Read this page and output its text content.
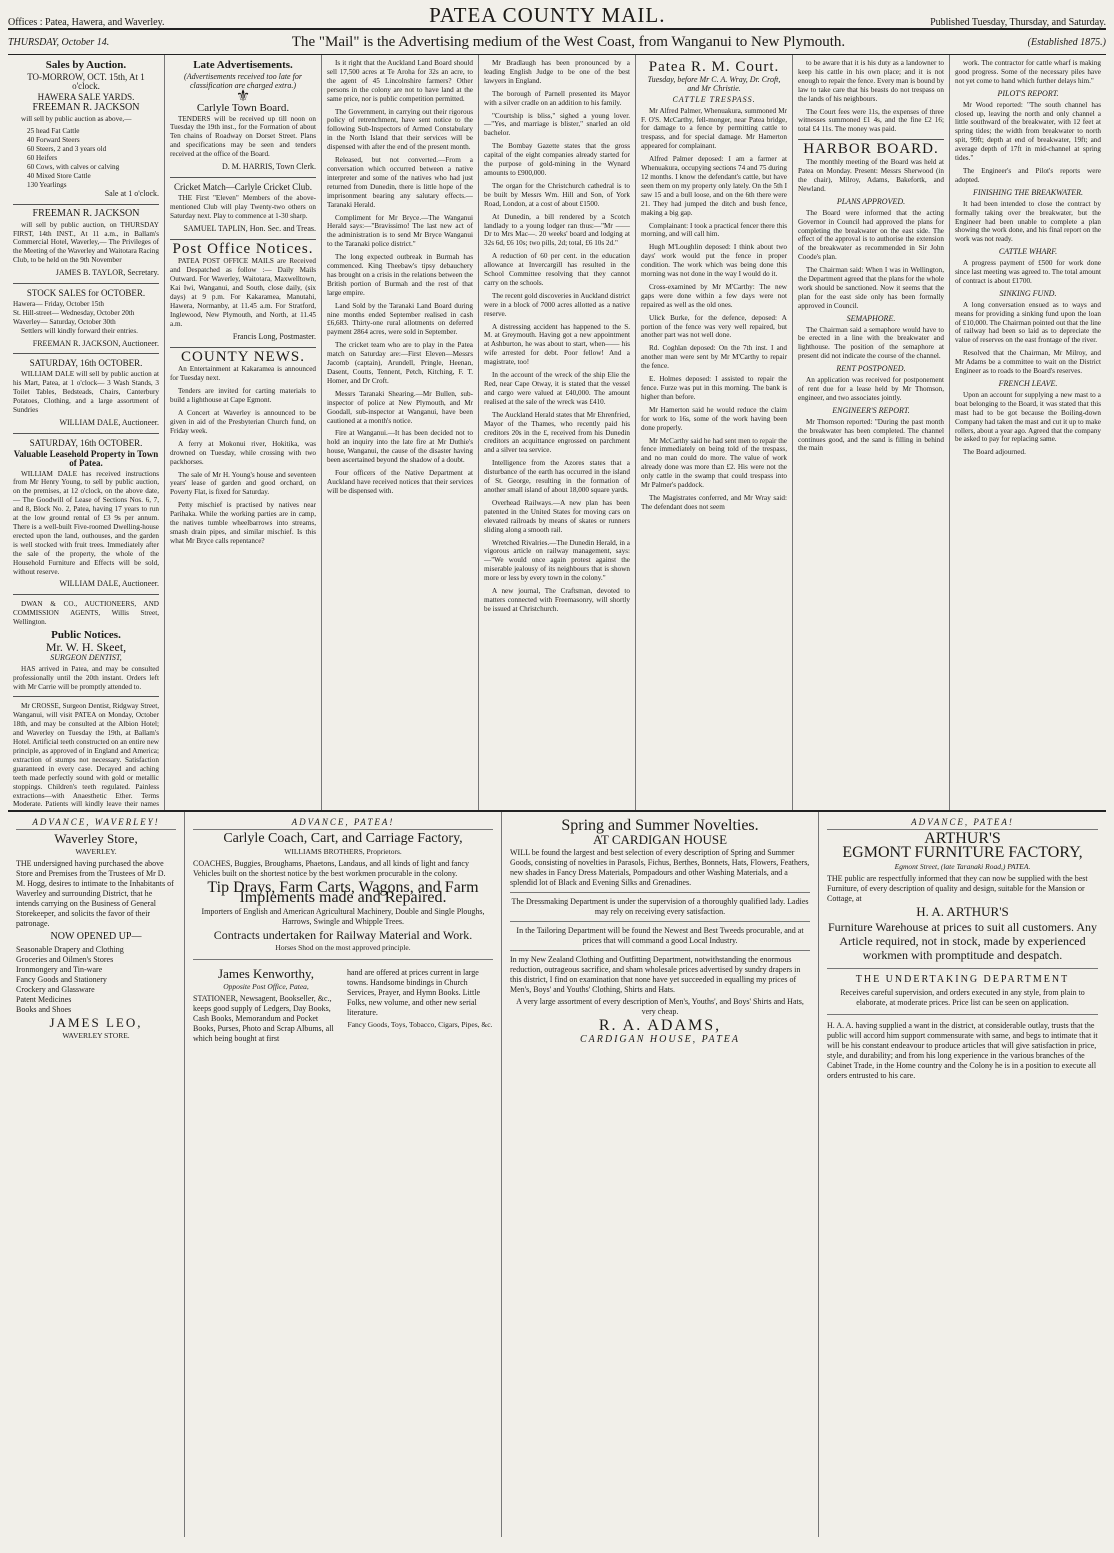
Offices : Patea, Hawera, and Waverley.	PATEA COUNTY MAIL.	Published Tuesday, Thursday, and Saturday.
THURSDAY, October 14.	The "Mail" is the Advertising medium of the West Coast, from Wanganui to New Plymouth.	(Established 1875.)
Sales by Auction.
TO-MORROW, OCT. 15th, At 1 o'clock.
HAWERA SALE YARDS.
FREEMAN R. JACKSON

will sell by public auction as above,—

25 head Fat Cattle
40 Forward Steers
60 Steers, 2 and 3 years old
60 Heifers
60 Cows, with calves or calving
40 Mixed Store Cattle
130 Yearlings
Sale at 1 o'clock.
FREEMAN R. JACKSON

will sell by public auction, on THURSDAY FIRST, 14th INST., At 11 a.m., in Ballam's Commercial Hotel, Waverley,— The Privileges of the Meeting of the Waverley and Waitotara Racing Club, to be held on the 9th November

JAMES B. TAYLOR, Secretary.
STOCK SALES for OCTOBER.
Hawera— Friday, October 15th
St. Hill-street— Wednesday, October 20th
Waverley— Saturday, October 30th

Settlers will kindly forward their entries.

FREEMAN R. JACKSON, Auctioneer.
SATURDAY, 16th OCTOBER.

WILLIAM DALE will sell by public auction at his Mart, Patea, at 1 o'clock— 3 Wash Stands, 3 Toilet Tables, Bedsteads, Chairs, Canterbury Potatoes, Clothing, and a large assortment of Sundries

WILLIAM DALE, Auctioneer.
SATURDAY, 16th OCTOBER.
Valuable Leasehold Property in Town of Patea.

WILLIAM DALE has received instructions from Mr Henry Young, to sell by public auction, on the premises, at 12 o'clock, on the above date,— The Goodwill of Lease of Sections Nos. 6, 7, and 8, Block No. 2, Patea, having 17 years to run at the low ground rental of £3 9s per annum. There is a well-built Five-roomed Dwelling-house erected upon the land, outhouses, and the garden is well stocked with fruit trees. Immediately after the sale of the property, the whole of the Household Furniture and Effects will be sold, without reserve.

WILLIAM DALE, Auctioneer.

DWAN & CO., AUCTIONEERS, AND COMMISSION AGENTS, Willis Street, Wellington.

Public Notices.
Mr. W. H. Skeet,
SURGEON DENTIST,

HAS arrived in Patea, and may be consulted professionally until the 20th instant. Orders left with Mr Carrie will be promptly attended to.

Mr CROSSE, Surgeon Dentist, Ridgway Street, Wanganui, will visit PATEA on Monday, October 18th, and may be consulted at the Albion Hotel; and Waverley on Tuesday the 19th, at Ballam's Hotel. Artificial teeth constructed on an entire new principle, as approved of in England and America; extraction of stumps not necessary. Satisfaction guaranteed in every case. Decayed and aching teeth made perfectly sound with gold or metallic stoppings. Children's teeth regulated. Painless extractions—with Anaesthetic Ether. Terms Moderate. Patients will kindly leave their names

Late Advertisements.
(Advertisements received too late for classification are charged extra.)
⚜
Carlyle Town Board.

TENDERS will be received up till noon on Tuesday the 19th inst., for the Formation of about Ten chains of Roadway on Dorset Street. Plans and specifications may be seen and tenders received at the office of the Board.

D. M. HARRIS, Town Clerk.
Cricket Match—Carlyle Cricket Club.

THE First "Eleven" Members of the above-mentioned Club will play Twenty-two others on Saturday next. Play to commence at 1-30 sharp.

SAMUEL TAPLIN, Hon. Sec. and Treas.
Post Office Notices.

PATEA POST OFFICE MAILS are Received and Despatched as follow :— Daily Mails Outward. For Waverley, Waitotara, Maxwelltown, Kai Iwi, Wanganui, and South, close daily, (six days) at 9 p.m. For Kakaramea, Manutahi, Hawera, Normanby, at 11.45 a.m. For Stratford, Inglewood, New Plymouth, and North, at 11.45 a.m.

Francis Long, Postmaster.
COUNTY NEWS.

An Entertainment at Kakaramea is announced for Tuesday next.

Tenders are invited for carting materials to build a lighthouse at Cape Egmont.

A Concert at Waverley is announced to be given in aid of the Presbyterian Church fund, on Friday week.

A ferry at Mokonui river, Hokitika, was drowned on Tuesday, while crossing with two packhorses.

The sale of Mr H. Young's house and seventeen years' lease of garden and good orchard, on Poverty Flat, is fixed for Saturday.

Petty mischief is practised by natives near Parihaka. While the working parties are in camp, the natives tumble wheelbarrows into streams, smash drain pipes, and similar mischief. Is this what Mr Bryce calls repentance?

Is it right that the Auckland Land Board should sell 17,500 acres at Te Aroha for 32s an acre, to the agent of 45 Lincolnshire farmers? Other persons in the colony are not to have land at the same price, nor is public competition permitted.

The Government, in carrying out their rigorous policy of retrenchment, have sent notice to the following Sub-Inspectors of Armed Constabulary in the North Island that their services will be dispensed with after the end of the present month.

Released, but not converted.—From a conversation which occurred between a native interpreter and some of the natives who had just returned from Dunedin, there is little hope of the imprisonment bearing any salutary effects.—Taranaki Herald.

Compliment for Mr Bryce.—The Wanganui Herald says:—"Bravissimo! The last new act of the administration is to send Mr Bryce Wanganui to the Taranaki police district."

The long expected outbreak in Burmah has commenced. King Theebaw's tipsy debauchery has brought on a crisis in the relations between the British portion of Burmah and the rest of that large empire.

Land Sold by the Taranaki Land Board during nine months ended September realised in cash £6,683. Thirty-one rural allotments on deferred payment 2864 acres, were sold in September.

The cricket team who are to play in the Patea match on Saturday are:—First Eleven—Messrs Jacomb (captain), Arundell, Pringle, Heenan, Dasent, Coutts, Tennent, Petch, Kitching, F. T. Homer, and Dr Croft.

Messrs Taranaki Shearing.—Mr Bullen, sub-inspector of police at New Plymouth, and Mr Goodall, sub-inspector at Wanganui, have been cautioned at a month's notice.

Fire at Wanganui.—It has been decided not to hold an inquiry into the late fire at Mr Duthie's house, Wanganui, the cause of the disaster having been ascertained beyond the shadow of a doubt.

Four officers of the Native Department at Auckland have received notices that their services will be dispensed with.

Mr Bradlaugh has been pronounced by a leading English Judge to be one of the best lawyers in England.

The borough of Parnell presented its Mayor with a silver cradle on an addition to his family.

"Courtship is bliss," sighed a young lover.—"Yes, and marriage is blister," snarled an old bachelor.

The Bombay Gazette states that the gross capital of the eight companies already started for the purpose of gold-mining in the Wynard amounts to £900,000.

The organ for the Christchurch cathedral is to be built by Messrs Wm. Hill and Son, of York Road, London, at a cost of about £1500.

At Dunedin, a bill rendered by a Scotch landlady to a young lodger ran thus:—"Mr —— Dr to Mrs Mac—. 20 weeks' board and lodging at 32s 6d, £6 10s; two pills, 2d; total, £6 10s 2d."

A reduction of 60 per cent. in the education allowance at Invercargill has resulted in the School Committee resolving that they cannot carry on the schools.

The recent gold discoveries in Auckland district were in a block of 7000 acres allotted as a native reserve.

A distressing accident has happened to the S. M. at Greymouth. Having got a new appointment at Ashburton, he was about to start, when—— his wife arrested for debt. Poor fellow! And a magistrate, too!

In the account of the wreck of the ship Elie the Red, near Cape Otway, it is stated that the vessel and cargo were valued at £40,000. The amount realised at the sale of the wreck was £410.

The Auckland Herald states that Mr Ehrenfried, Mayor of the Thames, who recently paid his creditors 20s in the £, received from his Dunedin creditors an acquittance engrossed on parchment and a silver tea service.

Intelligence from the Azores states that a disturbance of the earth has occurred in the island of St. George, resulting in the formation of another small island of about 18,000 square yards.

Overhead Railways.—A new plan has been patented in the United States for moving cars on elevated railroads by means of skates or runners sliding along a smooth rail.

Wretched Rivalries.—The Dunedin Herald, in a vigorous article on railway management, says:—"We would once again protest against the miserable jealousy of its neighbours that is shown more or less by every town in the colony."

A new journal, The Craftsman, devoted to matters connected with Freemasonry, will shortly be issued at Christchurch.

Patea R. M. Court.
Tuesday, before Mr C. A. Wray, Dr. Croft, and Mr Christie.
CATTLE TRESPASS.

Mr Alfred Palmer, Whenuakura, summoned Mr F. O'S. McCarthy, fell-monger, near Patea bridge, for damage to a fence by permitting cattle to trespass, and for special damage. Mr Hamerton appeared for complainant.

Alfred Palmer deposed: I am a farmer at Whenuakura, occupying sections 74 and 75 during 12 months. I know the defendant's cattle, but have seen them on my property only lately. On the 5th I saw 15 and a bull loose, and on the 6th there were 21. They had jumped the ditch and bush fence, making a big gap.

Complainant: I took a practical fencer there this morning, and will call him.

Hugh M'Loughlin deposed: I think about two days' work would put the fence in proper condition. The work which was being done this morning was not done in the way I would do it.

Cross-examined by Mr M'Carthy: The new gaps were done within a few days were not repaired as well as the old ones.

Ulick Burke, for the defence, deposed: A portion of the fence was very well repaired, but another part was not well done.

Rd. Coghlan deposed: On the 7th inst. I and another man were sent by Mr M'Carthy to repair the fence.

E. Holmes deposed: I assisted to repair the fence. Furze was put in this morning. The bank is higher than before.

Mr Hamerton said he would reduce the claim for work to 16s, some of the work having been done properly.

Mr McCarthy said he had sent men to repair the fence immediately on being told of the trespass, and no man could do more. The value of work already done was more than £2. His were not the only cattle in the swamp that could trespass into Mr Palmer's paddock.

The Magistrates conferred, and Mr Wray said: The defendant does not seem

to be aware that it is his duty as a landowner to keep his cattle in his own place; and it is not enough to repair the fence. Every man is bound by law to take care that his beasts do not trespass on the lands of his neighbours.

The Court fees were 11s, the expenses of three witnesses summoned £1 4s, and the fine £2 16; total £4 11s. The money was paid.

HARBOR BOARD.

The monthly meeting of the Board was held at Patea on Monday. Present: Messrs Sherwood (in the chair), Milroy, Adams, Bakefortk, and Newland.

PLANS APPROVED.

The Board were informed that the acting Governor in Council had approved the plans for completing the breakwater on the east side. The effect of the approval is to authorise the extension of the breakwater as recommended in Sir John Coode's plan.

The Chairman said: When I was in Wellington, the Department agreed that the plans for the whole work should be sanctioned. Now it seems that the plan for the east side only has been formally approved in Council.

SEMAPHORE.

The Chairman said a semaphore would have to be erected in a line with the breakwater and lighthouse. The position of the semaphore at present did not indicate the course of the channel.

RENT POSTPONED.

An application was received for postponement of rent due for a lease held by Mr Thomson, engineer, and two associates jointly.

ENGINEER'S REPORT.

Mr Thomson reported: "During the past month the breakwater has been completed. The channel continues good, and the sand is filling in behind the main

work. The contractor for cattle wharf is making good progress. Some of the necessary piles have not yet come to hand which further delays him."

PILOT'S REPORT.

Mr Wood reported: "The south channel has closed up, leaving the north and only channel a little southward of the breakwater, with 12 feet at spring tides; the width from breakwater to north spit, 99ft; depth at end of breakwater, 19ft; and average depth of 17ft in mid-channel at spring tides."

The Engineer's and Pilot's reports were adopted.

FINISHING THE BREAKWATER.

It had been intended to close the contract by formally taking over the breakwater, but the Engineer had been unable to complete a plan showing the work done, and his final report on the work was not ready.

CATTLE WHARF.

A progress payment of £500 for work done since last meeting was agreed to. The total amount of contract is about £1700.

SINKING FUND.

A long conversation ensued as to ways and means for providing a sinking fund upon the loan of £10,000. The Chairman pointed out that the line of railway had been so laid as to depreciate the value of reserves on the east frontage of the river.

Resolved that the Chairman, Mr Milroy, and Mr Adams be a committee to wait on the District Engineer as to roads to the Board's reserves.

FRENCH LEAVE.

Upon an account for supplying a new mast to a boat belonging to the Board, it was stated that this mast had to be got because the Boiling-down Company had taken the mast and cut it up to make rollers, about a year ago. Agreed that the company be asked to pay for replacing same.

The Board adjourned.

ADVANCE, WAVERLEY!
Waverley Store,
WAVERLEY.

THE undersigned having purchased the above Store and Premises from the Trustees of Mr D. M. Hogg, desires to intimate to the Inhabitants of Waverley and surrounding District, that he intends carrying on the Business of General Storekeeper, and solicits the favor of their patronage.

NOW OPENED UP—
Seasonable Drapery and Clothing
Groceries and Oilmen's Stores
Ironmongery and Tin-ware
Fancy Goods and Stationery
Crockery and Glassware
Patent Medicines
Books and Shoes
JAMES LEO,
WAVERLEY STORE.
ADVANCE, PATEA!
Carlyle Coach, Cart, and Carriage Factory,
WILLIAMS BROTHERS, Proprietors.

COACHES, Buggies, Broughams, Phaetons, Landaus, and all kinds of light and fancy Vehicles built on the shortest notice by the best workmen procurable in the colony.

Tip Drays, Farm Carts, Wagons, and Farm Implements made and Repaired.

Importers of English and American Agricultural Machinery, Double and Single Ploughs, Harrows, Swingle and Whipple Trees.

Contracts undertaken for Railway Material and Work.
Horses Shod on the most approved principle.
James Kenworthy,
Opposite Post Office, Patea,

STATIONER, Newsagent, Bookseller, &c., keeps good supply of Ledgers, Day Books, Cash Books, Memorandum and Pocket Books, Purses, Photo and Scrap Albums, all which being bought at first

hand are offered at prices current in large towns. Handsome bindings in Church Services, Prayer, and Hymn Books. Little Folks, new volume, and other new serial literature.

Fancy Goods, Toys, Tobacco, Cigars, Pipes, &c.
Spring and Summer Novelties.
AT CARDIGAN HOUSE

WILL be found the largest and best selection of every description of Spring and Summer Goods, consisting of novelties in Parasols, Fichus, Berthes, Bonnets, Hats, Flowers, Feathers, new shades in Fancy Dress Materials, Pompadours and other Washing Materials, and a splendid lot of Black and Evening Silks and Grenadines.

The Dressmaking Department is under the supervision of a thoroughly qualified lady. Ladies may rely on receiving every satisfaction.

In the Tailoring Department will be found the Newest and Best Tweeds procurable, and at prices that will command a good Local Industry.

In my New Zealand Clothing and Outfitting Department, notwithstanding the enormous reduction, outrageous sacrifice, and sham wholesale prices advertised by sundry drapers in this district, I find on examination that none have yet succeeded in equalling my prices of Men's, Boys' and Youths' Clothing, Shirts and Hats.

A very large assortment of every description of Men's, Youths', and Boys' Shirts and Hats, very cheap.

R. A. ADAMS,
CARDIGAN HOUSE, PATEA
ADVANCE, PATEA!
ARTHUR'S
EGMONT FURNITURE FACTORY,
Egmont Street, (late Taranaki Road,) PATEA.

THE public are respectfully informed that they can now be supplied with the best Furniture, of every description of quality and design, suitable for the Mansion or Cottage, at

H. A. ARTHUR'S
Furniture Warehouse at prices to suit all customers. Any Article required, not in stock, made by experienced workmen with promptitude and despatch.
THE UNDERTAKING DEPARTMENT

Receives careful supervision, and orders executed in any style, from plain to elaborate, at moderate prices. Price list can be seen on application.

H. A. A. having supplied a want in the district, at considerable outlay, trusts that the public will accord him support commensurate with same, and begs to intimate that it will be his constant endeavour to produce articles that will give satisfaction in price, style, and durability; and from his long experience in the various branches of the Cabinet Trade, in the Home country and the Colony he is in a position to execute all orders entrusted to his care.
